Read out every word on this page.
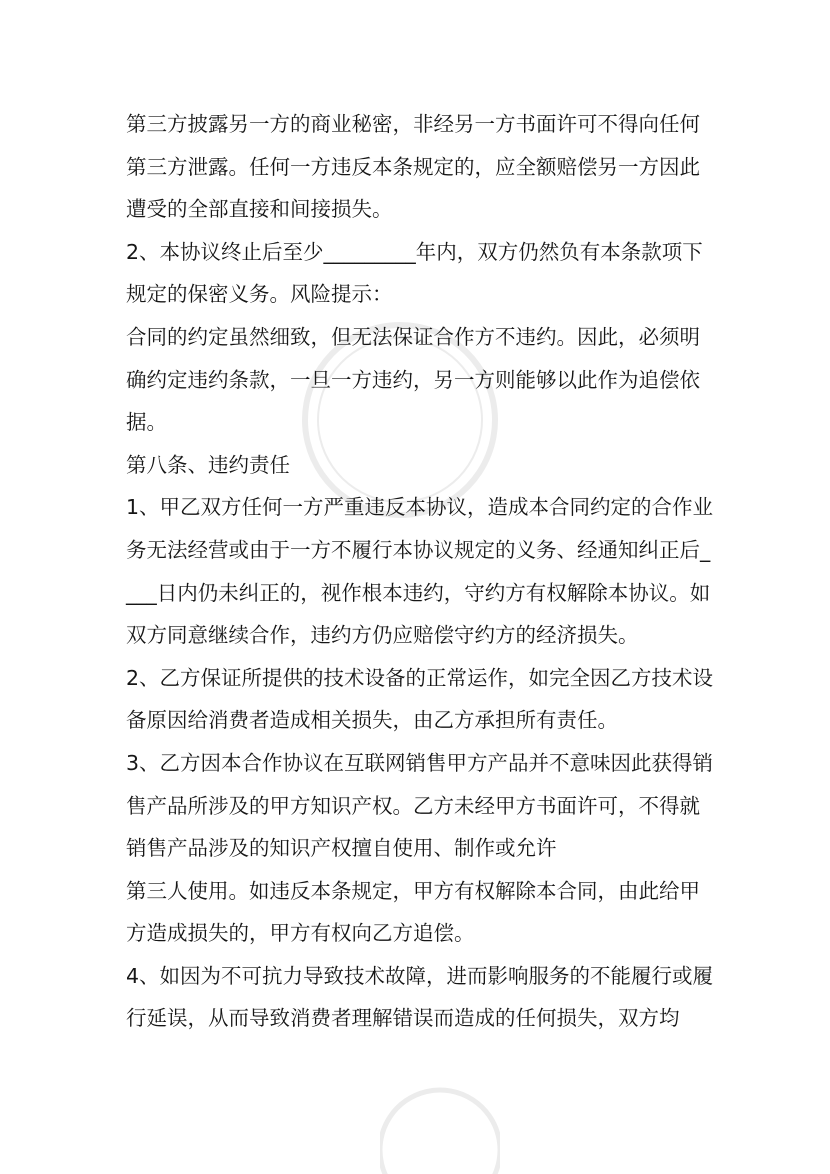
第三方披露另一方的商业秘密，非经另一方书面许可不得向任何第三方泄露。任何一方违反本条规定的，应全额赔偿另一方因此遭受的全部直接和间接损失。

2、本协议终止后至少_________年内，双方仍然负有本条款项下规定的保密义务。风险提示：

合同的约定虽然细致，但无法保证合作方不违约。因此，必须明确约定违约条款，一旦一方违约，另一方则能够以此作为追偿依据。

第八条、违约责任

1、甲乙双方任何一方严重违反本协议，造成本合同约定的合作业务无法经营或由于一方不履行本协议规定的义务、经通知纠正后____日内仍未纠正的，视作根本违约，守约方有权解除本协议。如双方同意继续合作，违约方仍应赔偿守约方的经济损失。

2、乙方保证所提供的技术设备的正常运作，如完全因乙方技术设备原因给消费者造成相关损失，由乙方承担所有责任。

3、乙方因本合作协议在互联网销售甲方产品并不意味因此获得销售产品所涉及的甲方知识产权。乙方未经甲方书面许可，不得就销售产品涉及的知识产权擅自使用、制作或允许

第三人使用。如违反本条规定，甲方有权解除本合同，由此给甲方造成损失的，甲方有权向乙方追偿。

4、如因为不可抗力导致技术故障，进而影响服务的不能履行或履行延误，从而导致消费者理解错误而造成的任何损失，双方均
